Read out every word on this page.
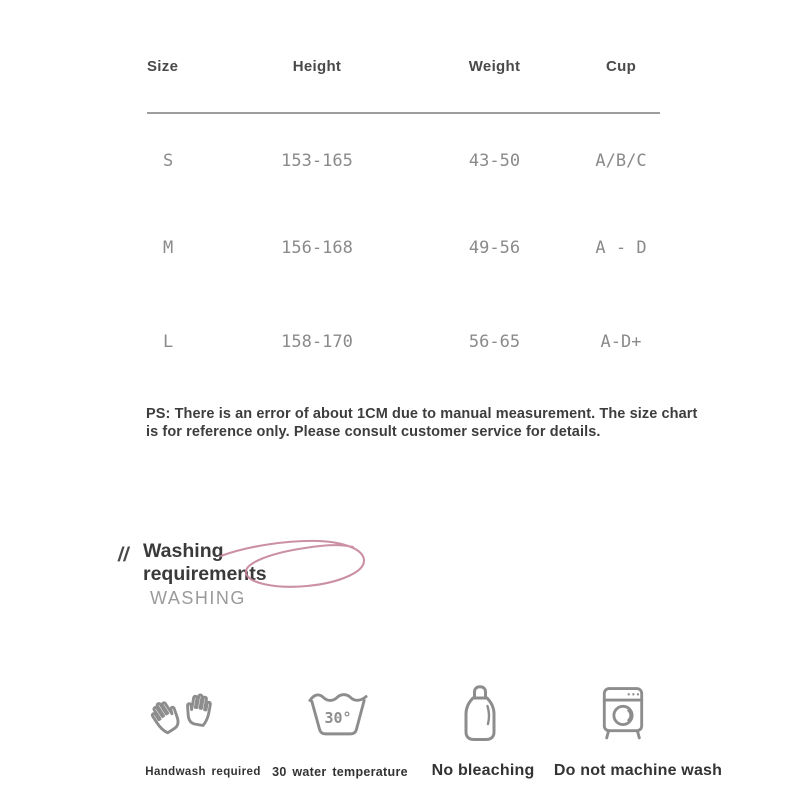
Size	Height	Weight	Cup
S	153-165	43-50	A/B/C
M	156-168	49-56	A - D
L	158-170	56-65	A-D+
PS: There is an error of about 1CM due to manual measurement. The size chart is for reference only. Please consult customer service for details.
// Washing
requirements
WASHING
30°
Handwash required 30 water temperature No bleaching Do not machine wash
